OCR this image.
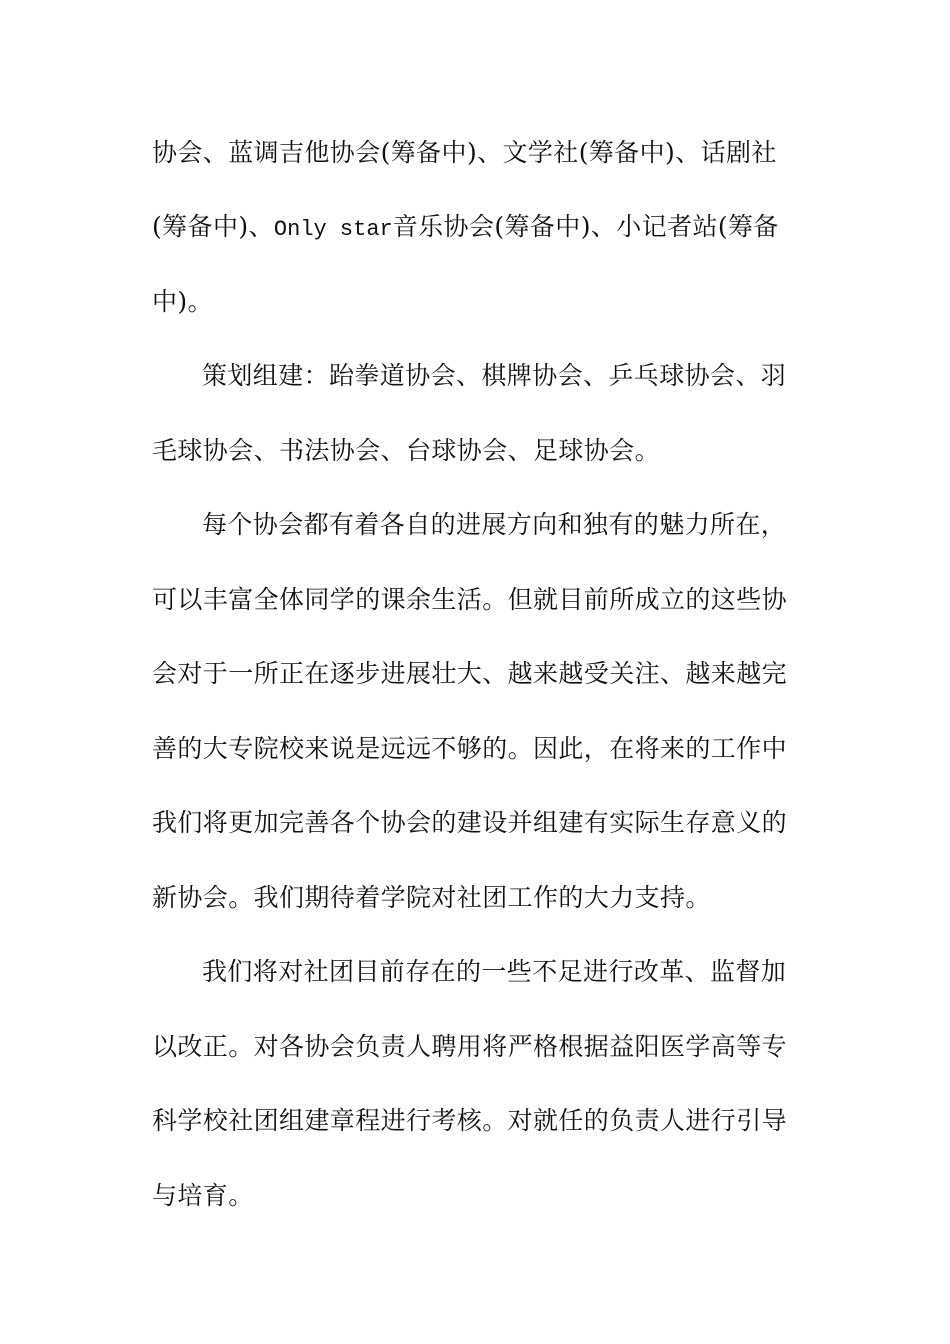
协会、蓝调吉他协会(筹备中)、文学社(筹备中)、话剧社
(筹备中)、Only star音乐协会(筹备中)、小记者站(筹备
中)。
策划组建：跆拳道协会、棋牌协会、乒乓球协会、羽
毛球协会、书法协会、台球协会、足球协会。
每个协会都有着各自的进展方向和独有的魅力所在，
可以丰富全体同学的课余生活。但就目前所成立的这些协
会对于一所正在逐步进展壮大、越来越受关注、越来越完
善的大专院校来说是远远不够的。因此，在将来的工作中
我们将更加完善各个协会的建设并组建有实际生存意义的
新协会。我们期待着学院对社团工作的大力支持。
我们将对社团目前存在的一些不足进行改革、监督加
以改正。对各协会负责人聘用将严格根据益阳医学高等专
科学校社团组建章程进行考核。对就任的负责人进行引导
与培育。
